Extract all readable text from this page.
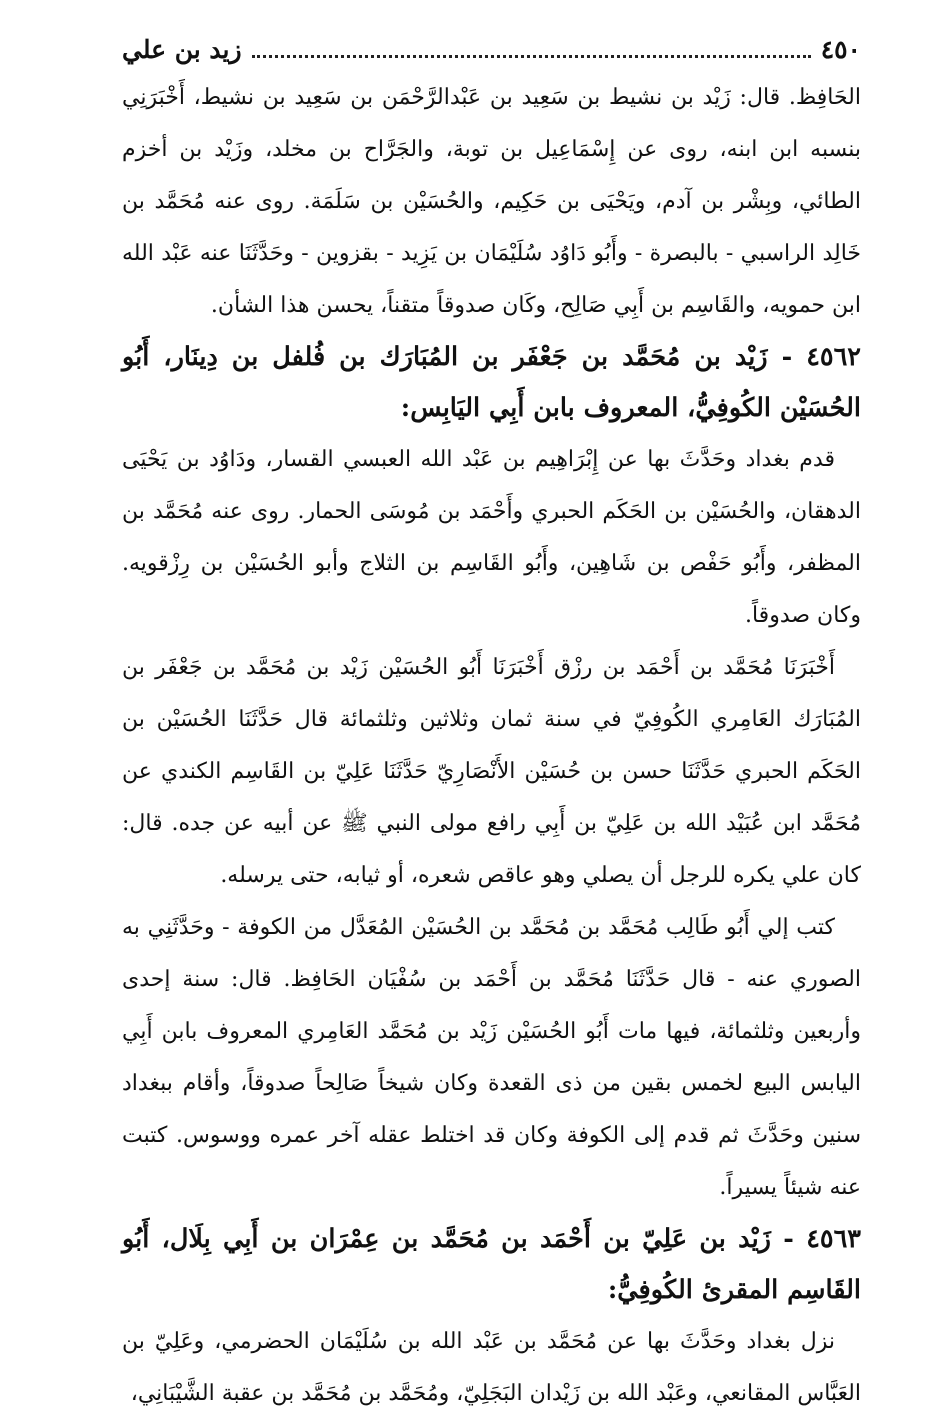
٤٥٠
زيد بن علي

الحَافِظ. قال: زَيْد بن نشيط بن سَعِيد بن عَبْدالرَّحْمَن بن سَعِيد بن نشيط، أَخْبَرَنِي بنسبه ابن ابنه، روى عن إِسْمَاعِيل بن توبة، والجَرَّاح بن مخلد، وزَيْد بن أخزم الطائي، وبِشْر بن آدم، ويَحْيَى بن حَكِيم، والحُسَيْن بن سَلَمَة. روى عنه مُحَمَّد بن خَالِد الراسبي - بالبصرة - وأَبُو دَاوُد سُلَيْمَان بن يَزِيد - بقزوين - وحَدَّثَنَا عنه عَبْد الله ابن حمويه، والقَاسِم بن أَبِي صَالِح، وكَان صدوقاً متقناً، يحسن هذا الشأن.

٤٥٦٢ - زَيْد بن مُحَمَّد بن جَعْفَر بن المُبَارَك بن فُلفل بن دِينَار، أَبُو الحُسَيْن الكُوفِيُّ، المعروف بابن أَبِي اليَابِس:

قدم بغداد وحَدَّثَ بها عن إِبْرَاهِيم بن عَبْد الله العبسي القسار، ودَاوُد بن يَحْيَى الدهقان، والحُسَيْن بن الحَكَم الحبري وأَحْمَد بن مُوسَى الحمار. روى عنه مُحَمَّد بن المظفر، وأَبُو حَفْص بن شَاهِين، وأَبُو القَاسِم بن الثلاج وأبو الحُسَيْن بن رِزْقويه. وكان صدوقاً.

أَخْبَرَنَا مُحَمَّد بن أَحْمَد بن رزْق أَخْبَرَنَا أَبُو الحُسَيْن زَيْد بن مُحَمَّد بن جَعْفَر بن المُبَارَك العَامِري الكُوفِيّ في سنة ثمان وثلاثين وثلثمائة قال حَدَّثَنَا الحُسَيْن بن الحَكَم الحبري حَدَّثَنَا حسن بن حُسَيْن الأَنْصَارِيّ حَدَّثَنَا عَلِيّ بن القَاسِم الكندي عن مُحَمَّد ابن عُبَيْد الله بن عَلِيّ بن أَبِي رافع مولى النبي ﷺ عن أبيه عن جده. قال: كان علي يكره للرجل أن يصلي وهو عاقص شعره، أو ثيابه، حتى يرسله.

كتب إلي أَبُو طَالِب مُحَمَّد بن مُحَمَّد بن الحُسَيْن المُعَدَّل من الكوفة - وحَدَّثَنِي به الصوري عنه - قال حَدَّثَنَا مُحَمَّد بن أَحْمَد بن سُفْيَان الحَافِظ. قال: سنة إحدى وأربعين وثلثمائة، فيها مات أَبُو الحُسَيْن زَيْد بن مُحَمَّد العَامِري المعروف بابن أَبِي اليابس البيع لخمس بقين من ذى القعدة وكان شيخاً صَالِحاً صدوقاً، وأقام ببغداد سنين وحَدَّثَ ثم قدم إلى الكوفة وكان قد اختلط عقله آخر عمره ووسوس. كتبت عنه شيئاً يسيراً.

٤٥٦٣ - زَيْد بن عَلِيّ بن أَحْمَد بن مُحَمَّد بن عِمْرَان بن أَبِي بِلَال، أَبُو القَاسِم المقرئ الكُوفِيُّ:

نزل بغداد وحَدَّثَ بها عن مُحَمَّد بن عَبْد الله بن سُلَيْمَان الحضرمي، وعَلِيّ بن العَبَّاس المقانعي، وعَبْد الله بن زَيْدان البَجَلِيّ، ومُحَمَّد بن مُحَمَّد بن عقبة الشَّيْبَانِي،
